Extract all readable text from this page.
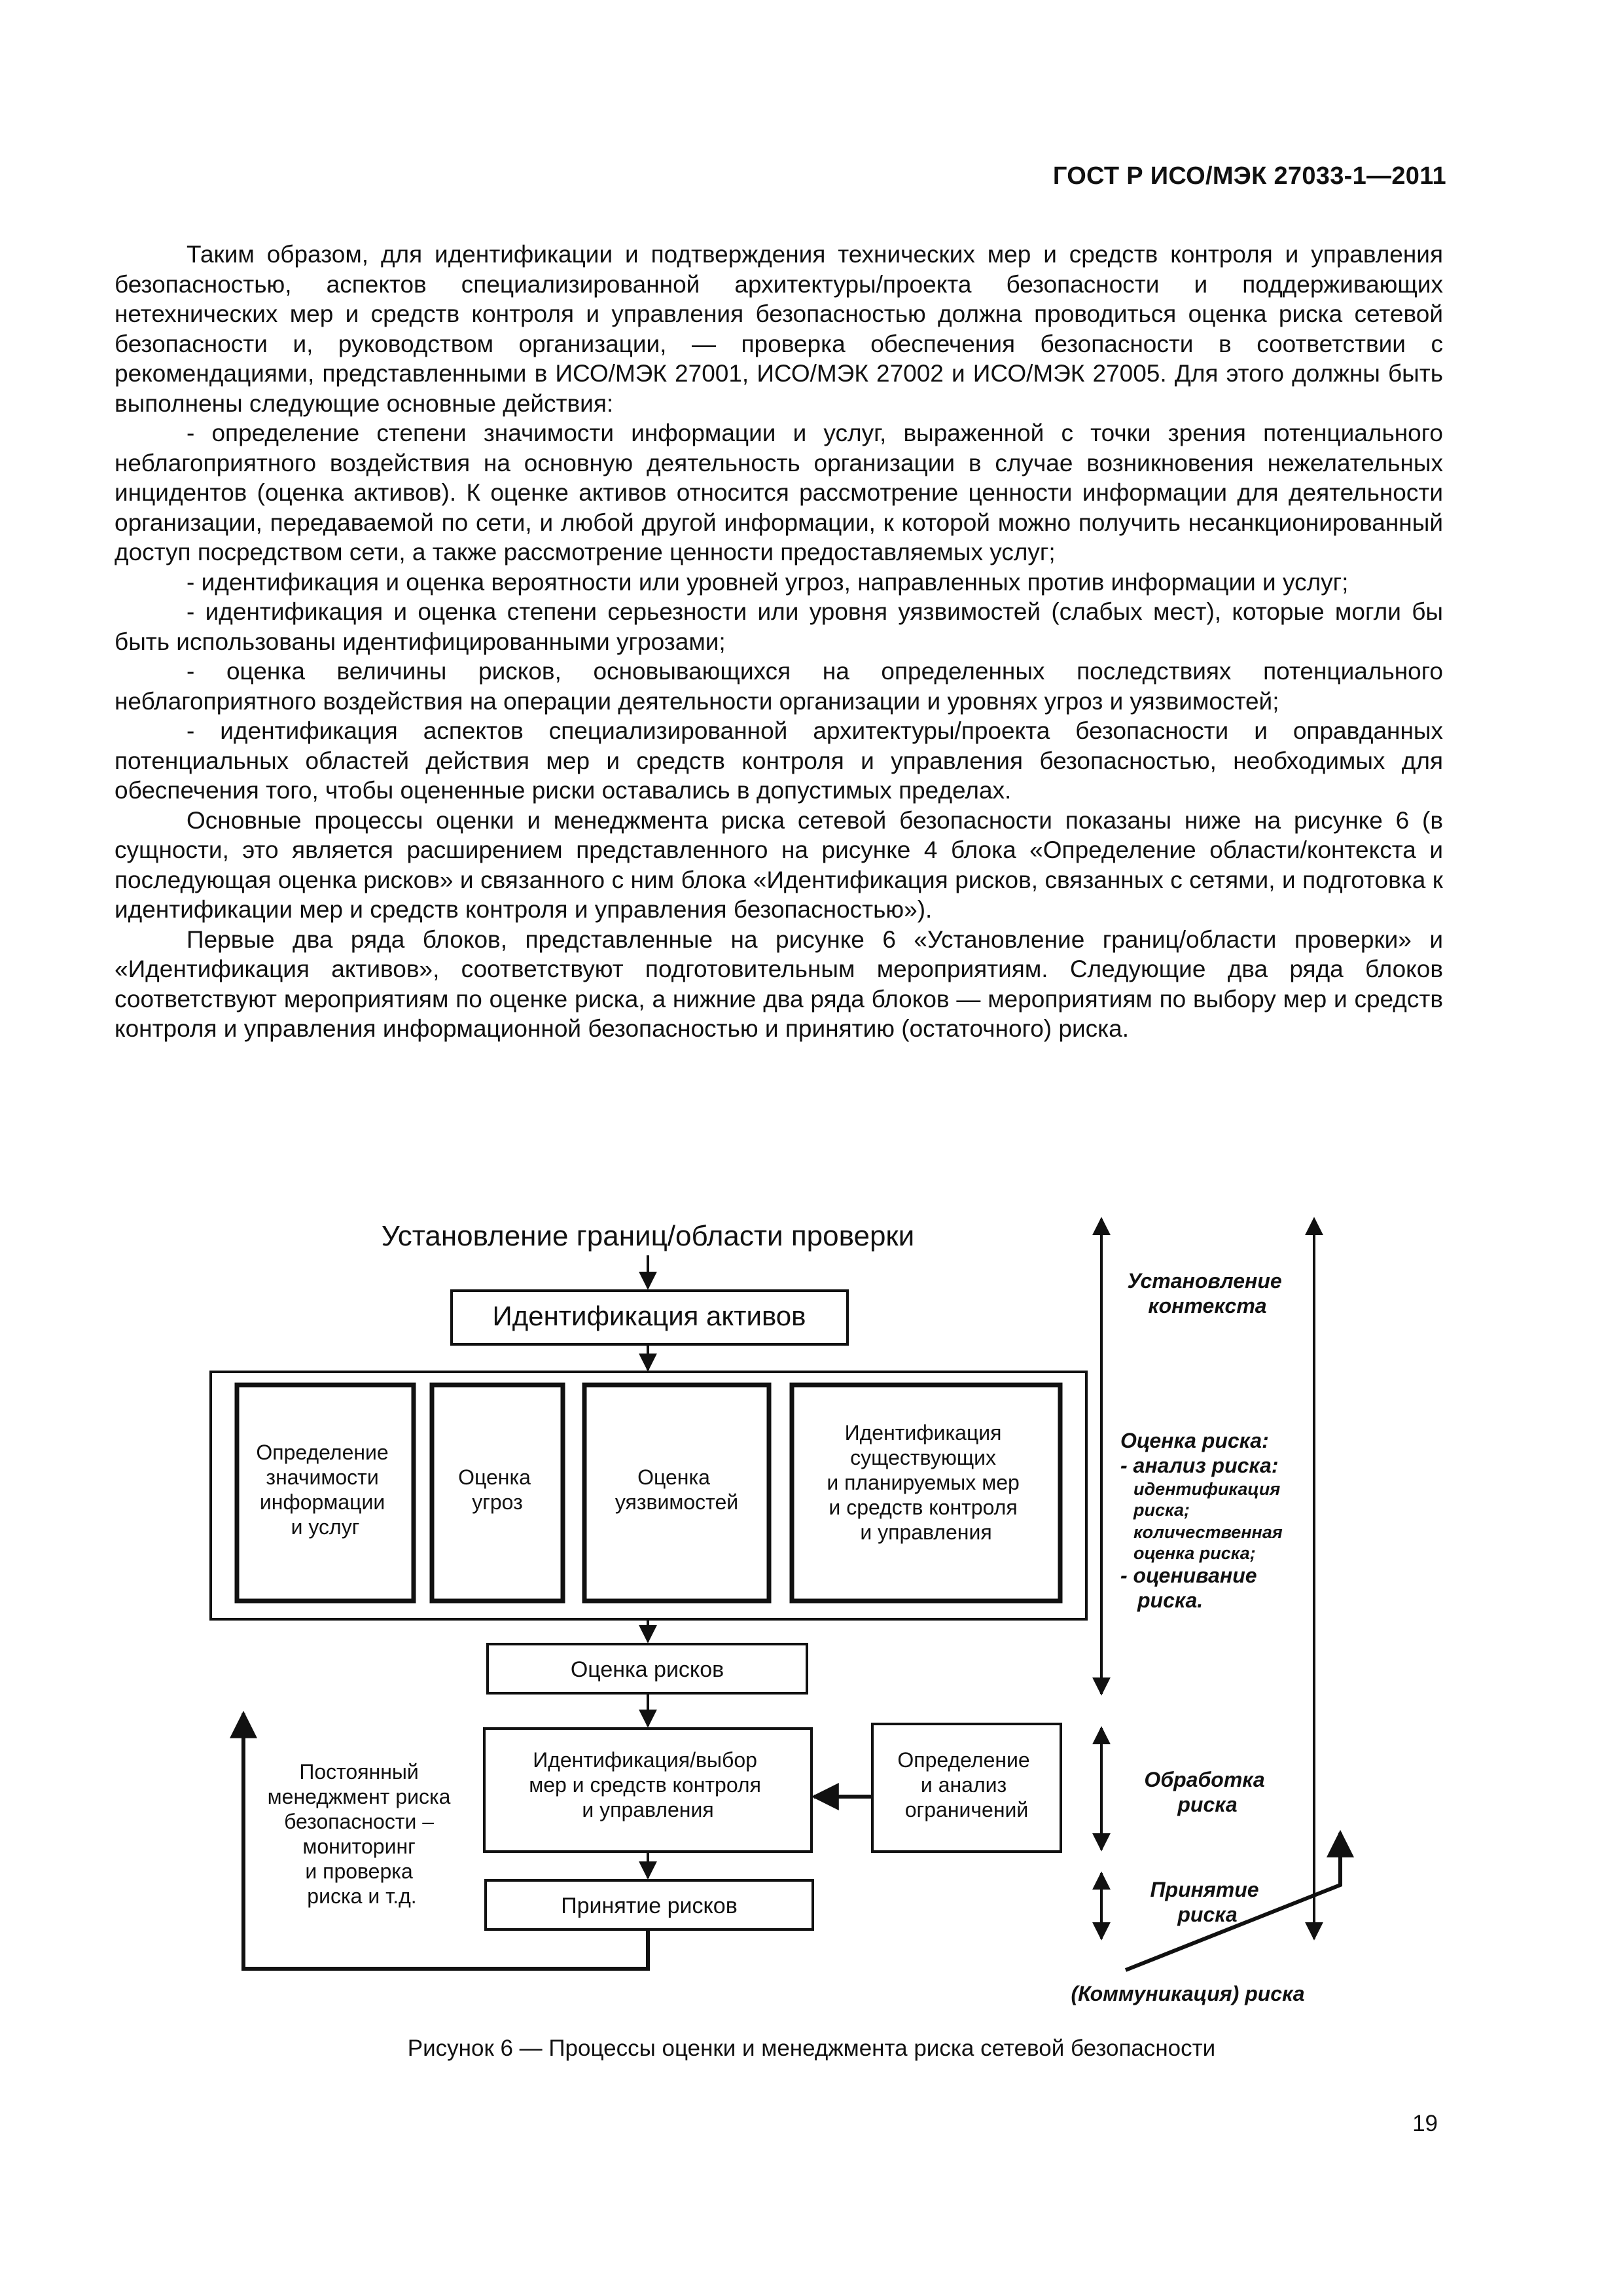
ГОСТ Р ИСО/МЭК 27033-1—2011

Таким образом, для идентификации и подтверждения технических мер и средств контроля и управления безопасностью, аспектов специализированной архитектуры/проекта безопасности и поддерживающих нетехнических мер и средств контроля и управления безопасностью должна проводиться оценка риска сетевой безопасности и, руководством организации, — проверка обеспечения безопасности в соответствии с рекомендациями, представленными в ИСО/МЭК 27001, ИСО/МЭК 27002 и ИСО/МЭК 27005. Для этого должны быть выполнены следующие основные действия:

- определение степени значимости информации и услуг, выраженной с точки зрения потенциального неблагоприятного воздействия на основную деятельность организации в случае возникновения нежелательных инцидентов (оценка активов). К оценке активов относится рассмотрение ценности информации для деятельности организации, передаваемой по сети, и любой другой информации, к которой можно получить несанкционированный доступ посредством сети, а также рассмотрение ценности предоставляемых услуг;

- идентификация и оценка вероятности или уровней угроз, направленных против информации и услуг;

- идентификация и оценка степени серьезности или уровня уязвимостей (слабых мест), которые могли бы быть использованы идентифицированными угрозами;

- оценка величины рисков, основывающихся на определенных последствиях потенциального неблагоприятного воздействия на операции деятельности организации и уровнях угроз и уязвимостей;

- идентификация аспектов специализированной архитектуры/проекта безопасности и оправданных потенциальных областей действия мер и средств контроля и управления безопасностью, необходимых для обеспечения того, чтобы оцененные риски оставались в допустимых пределах.

Основные процессы оценки и менеджмента риска сетевой безопасности показаны ниже на рисунке 6 (в сущности, это является расширением представленного на рисунке 4 блока «Определение области/контекста и последующая оценка рисков» и связанного с ним блока «Идентификация рисков, связанных с сетями, и подготовка к идентификации мер и средств контроля и управления безопасностью»).

Первые два ряда блоков, представленные на рисунке 6 «Установление границ/области проверки» и «Идентификация активов», соответствуют подготовительным мероприятиям. Следующие два ряда блоков соответствуют мероприятиям по оценке риска, а нижние два ряда блоков — мероприятиям по выбору мер и средств контроля и управления информационной безопасностью и принятию (остаточного) риска.

Установление границ/области проверки
Идентификация активов
Определение значимости информации и услуг
Оценка угроз
Оценка уязвимостей
Идентификация существующих и планируемых мер и средств контроля и управления
Оценка рисков
Идентификация/выбор мер и средств контроля и управления
Определение и анализ ограничений
Принятие рисков
Постоянный менеджмент риска безопасности – мониторинг и проверка риска и т.д.
Установление контекста
Оценка риска: - анализ риска: идентификация риска; количественная оценка риска; - оценивание риска.
Обработка риска
Принятие риска
(Коммуникация) риска
Рисунок 6 — Процессы оценки и менеджмента риска сетевой безопасности
19
